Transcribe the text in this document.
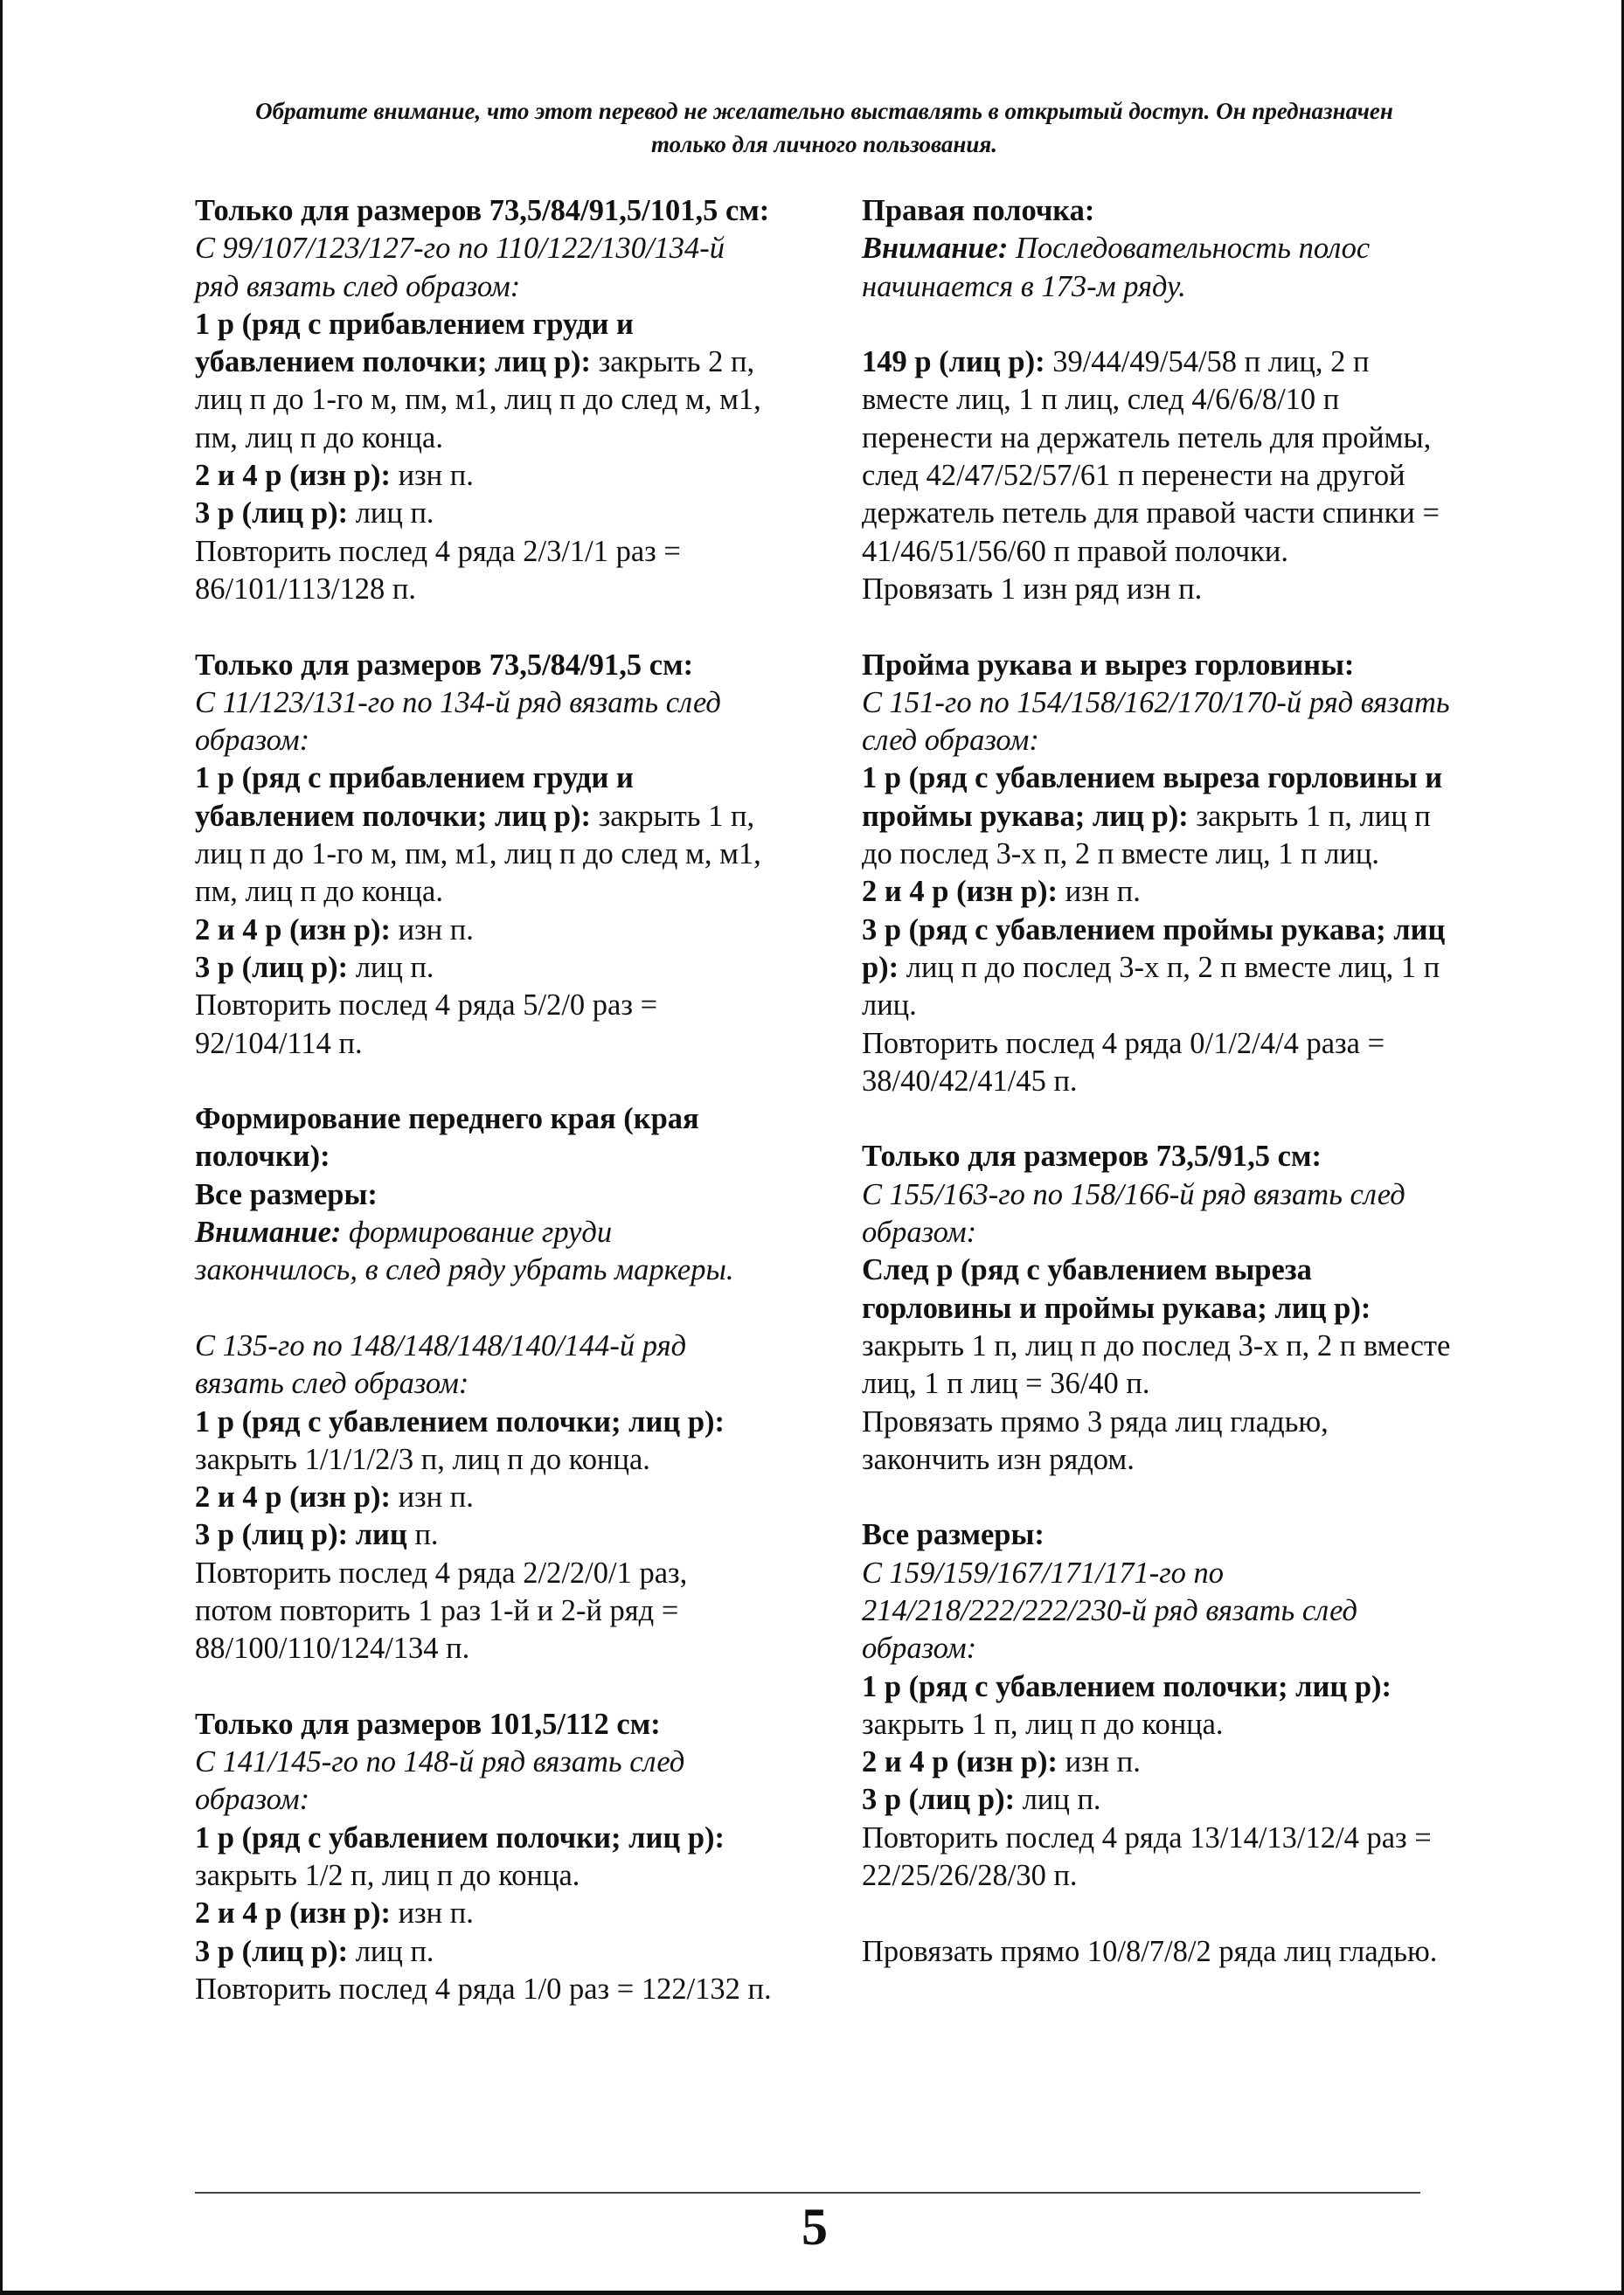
Обратите внимание, что этот перевод не желательно выставлять в открытый доступ. Он предназначен только для личного пользования.

Только для размеров 73,5/84/91,5/101,5 см:

С 99/107/123/127-го по 110/122/130/134-й ряд вязать след образом:

1 р (ряд с прибавлением груди и убавлением полочки; лиц р): закрыть 2 п, лиц п до 1-го м, пм, м1, лиц п до след м, м1, пм, лиц п до конца.

2 и 4 р (изн р): изн п.

3 р (лиц р): лиц п.

Повторить послед 4 ряда 2/3/1/1 раз = 86/101/113/128 п.

Только для размеров 73,5/84/91,5 см:

С 11/123/131-го по 134-й ряд вязать след образом:

1 р (ряд с прибавлением груди и убавлением полочки; лиц р): закрыть 1 п, лиц п до 1-го м, пм, м1, лиц п до след м, м1, пм, лиц п до конца.

2 и 4 р (изн р): изн п.

3 р (лиц р): лиц п.

Повторить послед 4 ряда 5/2/0 раз = 92/104/114 п.

Формирование переднего края (края полочки):

Все размеры:

Внимание: формирование груди закончилось, в след ряду убрать маркеры.

С 135-го по 148/148/148/140/144-й ряд вязать след образом:

1 р (ряд с убавлением полочки; лиц р): закрыть 1/1/1/2/3 п, лиц п до конца.

2 и 4 р (изн р): изн п.

3 р (лиц р): лиц п.

Повторить послед 4 ряда 2/2/2/0/1 раз, потом повторить 1 раз 1-й и 2-й ряд = 88/100/110/124/134 п.

Только для размеров 101,5/112 см:

С 141/145-го по 148-й ряд вязать след образом:

1 р (ряд с убавлением полочки; лиц р): закрыть 1/2 п, лиц п до конца.

2 и 4 р (изн р): изн п.

3 р (лиц р): лиц п.

Повторить послед 4 ряда 1/0 раз = 122/132 п.

Правая полочка:

Внимание: Последовательность полос начинается в 173-м ряду.

149 р (лиц р): 39/44/49/54/58 п лиц, 2 п вместе лиц, 1 п лиц, след 4/6/6/8/10 п перенести на держатель петель для проймы, след 42/47/52/57/61 п перенести на другой держатель петель для правой части спинки = 41/46/51/56/60 п правой полочки.

Провязать 1 изн ряд изн п.

Пройма рукава и вырез горловины:

С 151-го по 154/158/162/170/170-й ряд вязать след образом:

1 р (ряд с убавлением выреза горловины и проймы рукава; лиц р): закрыть 1 п, лиц п до послед 3-х п, 2 п вместе лиц, 1 п лиц.

2 и 4 р (изн р): изн п.

3 р (ряд с убавлением проймы рукава; лиц р): лиц п до послед 3-х п, 2 п вместе лиц, 1 п лиц.

Повторить послед 4 ряда 0/1/2/4/4 раза = 38/40/42/41/45 п.

Только для размеров 73,5/91,5 см:

С 155/163-го по 158/166-й ряд вязать след образом:

След р (ряд с убавлением выреза горловины и проймы рукава; лиц р): закрыть 1 п, лиц п до послед 3-х п, 2 п вместе лиц, 1 п лиц = 36/40 п.

Провязать прямо 3 ряда лиц гладью, закончить изн рядом.

Все размеры:

С 159/159/167/171/171-го по 214/218/222/222/230-й ряд вязать след образом:

1 р (ряд с убавлением полочки; лиц р): закрыть 1 п, лиц п до конца.

2 и 4 р (изн р): изн п.

3 р (лиц р): лиц п.

Повторить послед 4 ряда 13/14/13/12/4 раз = 22/25/26/28/30 п.

Провязать прямо 10/8/7/8/2 ряда лиц гладью.

5
